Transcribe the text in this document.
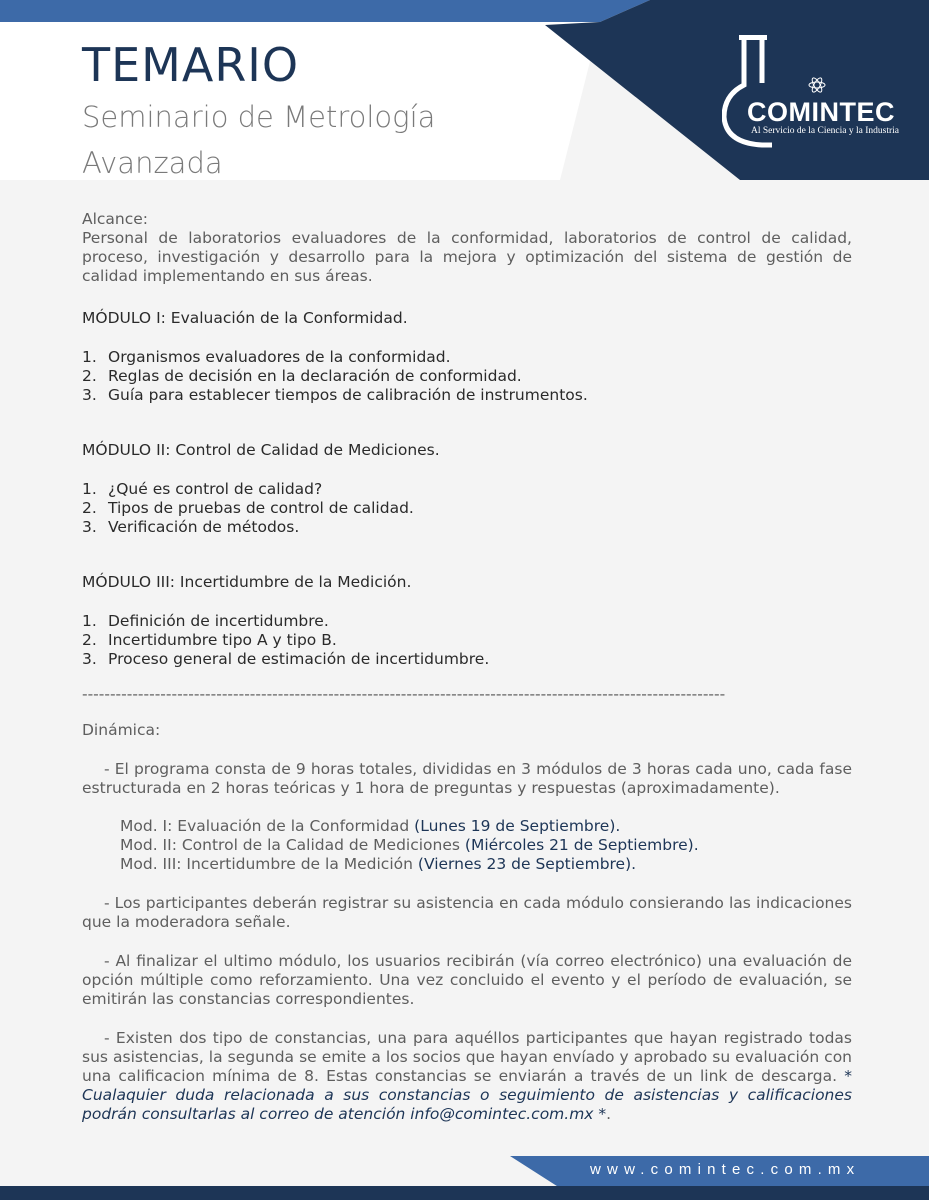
TEMARIO
Seminario de Metrología
Avanzada
COMINTEC
Al Servicio de la Ciencia y la Industria

Alcance:

Personal de laboratorios evaluadores de la conformidad, laboratorios de control de calidad, proceso, investigación y desarrollo para la mejora y optimización del sistema de gestión de calidad implementando en sus áreas.

MÓDULO I: Evaluación de la Conformidad.

1. Organismos evaluadores de la conformidad.
2. Reglas de decisión en la declaración de conformidad.
3. Guía para establecer tiempos de calibración de instrumentos.

MÓDULO II: Control de Calidad de Mediciones.

1. ¿Qué es control de calidad?
2. Tipos de pruebas de control de calidad.
3. Verificación de métodos.

MÓDULO III: Incertidumbre de la Medición.

1. Definición de incertidumbre.
2. Incertidumbre tipo A y tipo B.
3. Proceso general de estimación de incertidumbre.
-------------------------------------------------------------------------------------------------------------------

Dinámica:

- El programa consta de 9 horas totales, divididas en 3 módulos de 3 horas cada uno, cada fase estructurada en 2 horas teóricas y 1 hora de preguntas y respuestas (aproximadamente).

Mod. I: Evaluación de la Conformidad (Lunes 19 de Septiembre).
Mod. II: Control de la Calidad de Mediciones (Miércoles 21 de Septiembre).
Mod. III: Incertidumbre de la Medición (Viernes 23 de Septiembre).

- Los participantes deberán registrar su asistencia en cada módulo consierando las indicaciones que la moderadora señale.

- Al finalizar el ultimo módulo, los usuarios recibirán (vía correo electrónico) una evaluación de opción múltiple como reforzamiento. Una vez concluido el evento y el período de evaluación, se emitirán las constancias correspondientes.

- Existen dos tipo de constancias, una para aquéllos participantes que hayan registrado todas sus asistencias, la segunda se emite a los socios que hayan envíado y aprobado su evaluación con una calificacion mínima de 8. Estas constancias se enviarán a través de un link de descarga. * Cualaquier duda relacionada a sus constancias o seguimiento de asistencias y calificaciones podrán consultarlas al correo de atención info@comintec.com.mx *.

www.comintec.com.mx
